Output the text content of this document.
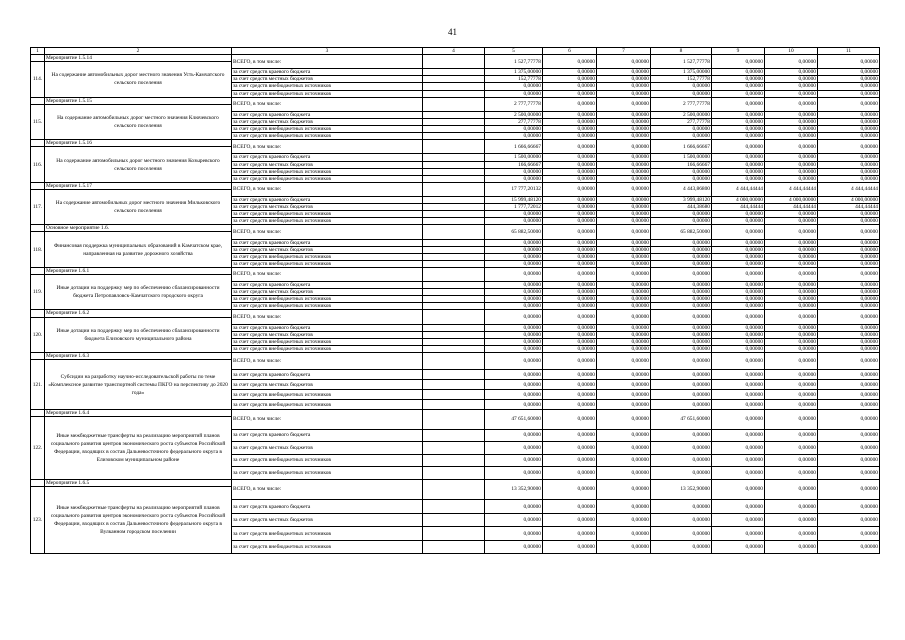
41
1	2	3	4	5	6	7	8	9	10	11	
	Мероприятие 1.5.14	ВСЕГО, в том числе:		1 527,77778	0,00000	0,00000	1 527,77778	0,00000	0,00000	0,00000	
114.	На содержание автомобильных дорог местного значения Усть-Камчатского сельского поселения									
		за счет средств краевого бюджета		1 375,00000	0,00000	0,00000	1 375,00000	0,00000	0,00000	0,00000	
		за счет средств местных бюджетов		152,77778	0,00000	0,00000	152,77778	0,00000	0,00000	0,00000	
		за счет средств внебюджетных источников		0,00000	0,00000	0,00000	0,00000	0,00000	0,00000	0,00000	
		за счет средств внебюджетных источников		0,00000	0,00000	0,00000	0,00000	0,00000	0,00000	0,00000	
	Мероприятие 1.5.15	ВСЕГО, в том числе:		2 777,77778	0,00000	0,00000	2 777,77778	0,00000	0,00000	0,00000	
115.	На содержание автомобильных дорог местного значения Ключевского сельского поселения									
		за счет средств краевого бюджета		2 500,00000	0,00000	0,00000	2 500,00000	0,00000	0,00000	0,00000	
		за счет средств местных бюджетов		277,77778	0,00000	0,00000	277,77778	0,00000	0,00000	0,00000	
		за счет средств внебюджетных источников		0,00000	0,00000	0,00000	0,00000	0,00000	0,00000	0,00000	
		за счет средств внебюджетных источников		0,00000	0,00000	0,00000	0,00000	0,00000	0,00000	0,00000	
	Мероприятие 1.5.16	ВСЕГО, в том числе:		1 666,66667	0,00000	0,00000	1 666,66667	0,00000	0,00000	0,00000	
116.	На содержание автомобильных дорог местного значения Козыревского сельского поселения									
		за счет средств краевого бюджета		1 500,00000	0,00000	0,00000	1 500,00000	0,00000	0,00000	0,00000	
		за счет средств местных бюджетов		166,66667	0,00000	0,00000	166,66667	0,00000	0,00000	0,00000	
		за счет средств внебюджетных источников		0,00000	0,00000	0,00000	0,00000	0,00000	0,00000	0,00000	
		за счет средств внебюджетных источников		0,00000	0,00000	0,00000	0,00000	0,00000	0,00000	0,00000	
	Мероприятие 1.5.17	ВСЕГО, в том числе:		17 777,20132	0,00000	0,00000	4 443,86800	4 444,44444	4 444,44444	4 444,44444	
117.	На содержание автомобильных дорог местного значения Мильковского сельского поселения									
		за счет средств краевого бюджета		15 999,48120	0,00000	0,00000	3 999,48120	4 000,00000	4 000,00000	4 000,00000	
		за счет средств местных бюджетов		1 777,72012	0,00000	0,00000	444,38680	444,44444	444,44444	444,44444	
		за счет средств внебюджетных источников		0,00000	0,00000	0,00000	0,00000	0,00000	0,00000	0,00000	
		за счет средств внебюджетных источников		0,00000	0,00000	0,00000	0,00000	0,00000	0,00000	0,00000	
	Основное мероприятие 1.6.	ВСЕГО, в том числе:		65 882,50000	0,00000	0,00000	65 882,50000	0,00000	0,00000	0,00000	
118.	Финансовая поддержка муниципальных образований в Камчатском крае, направленная на развитие дорожного хозяйства									
		за счет средств краевого бюджета		0,00000	0,00000	0,00000	0,00000	0,00000	0,00000	0,00000	
		за счет средств местных бюджетов		0,00000	0,00000	0,00000	0,00000	0,00000	0,00000	0,00000	
		за счет средств внебюджетных источников		0,00000	0,00000	0,00000	0,00000	0,00000	0,00000	0,00000	
		за счет средств внебюджетных источников		0,00000	0,00000	0,00000	0,00000	0,00000	0,00000	0,00000	
	Мероприятие 1.6.1	ВСЕГО, в том числе:		0,00000	0,00000	0,00000	0,00000	0,00000	0,00000	0,00000	
119.	Иные дотации на поддержку мер по обеспечению сбалансированности бюджета Петропавловск-Камчатского городского округа									
		за счет средств краевого бюджета		0,00000	0,00000	0,00000	0,00000	0,00000	0,00000	0,00000	
		за счет средств местных бюджетов		0,00000	0,00000	0,00000	0,00000	0,00000	0,00000	0,00000	
		за счет средств внебюджетных источников		0,00000	0,00000	0,00000	0,00000	0,00000	0,00000	0,00000	
		за счет средств внебюджетных источников		0,00000	0,00000	0,00000	0,00000	0,00000	0,00000	0,00000	
	Мероприятие 1.6.2	ВСЕГО, в том числе:		0,00000	0,00000	0,00000	0,00000	0,00000	0,00000	0,00000	
120.	Иные дотации на поддержку мер по обеспечению сбалансированности бюджета Елизовского муниципального района									
		за счет средств краевого бюджета		0,00000	0,00000	0,00000	0,00000	0,00000	0,00000	0,00000	
		за счет средств местных бюджетов		0,00000	0,00000	0,00000	0,00000	0,00000	0,00000	0,00000	
		за счет средств внебюджетных источников		0,00000	0,00000	0,00000	0,00000	0,00000	0,00000	0,00000	
		за счет средств внебюджетных источников		0,00000	0,00000	0,00000	0,00000	0,00000	0,00000	0,00000	
	Мероприятие 1.6.3	ВСЕГО, в том числе:		0,00000	0,00000	0,00000	0,00000	0,00000	0,00000	0,00000	
121.	Субсидии на разработку научно-исследовательской работы по теме «Комплексное развитие транспортной системы ПКГО на перспективу до 2020 года»									
		за счет средств краевого бюджета		0,00000	0,00000	0,00000	0,00000	0,00000	0,00000	0,00000	
		за счет средств местных бюджетов		0,00000	0,00000	0,00000	0,00000	0,00000	0,00000	0,00000	
		за счет средств внебюджетных источников		0,00000	0,00000	0,00000	0,00000	0,00000	0,00000	0,00000	
		за счет средств внебюджетных источников		0,00000	0,00000	0,00000	0,00000	0,00000	0,00000	0,00000	
	Мероприятие 1.6.4	ВСЕГО, в том числе:		47 651,60000	0,00000	0,00000	47 651,60000	0,00000	0,00000	0,00000	
122.	Иные межбюджетные трансферты на реализацию мероприятий планов социального развития центров экономического роста субъектов Российской Федерации, входящих в состав Дальневосточного федерального округа в Елизовском муниципальном районе									
		за счет средств краевого бюджета		0,00000	0,00000	0,00000	0,00000	0,00000	0,00000	0,00000	
		за счет средств местных бюджетов		0,00000	0,00000	0,00000	0,00000	0,00000	0,00000	0,00000	
		за счет средств внебюджетных источников		0,00000	0,00000	0,00000	0,00000	0,00000	0,00000	0,00000	
		за счет средств внебюджетных источников		0,00000	0,00000	0,00000	0,00000	0,00000	0,00000	0,00000	
	Мероприятие 1.6.5	ВСЕГО, в том числе:		13 352,90000	0,00000	0,00000	13 352,90000	0,00000	0,00000	0,00000	
123.	Иные межбюджетные трансферты на реализацию мероприятий планов социального развития центров экономического роста субъектов Российской Федерации, входящих в состав Дальневосточного федерального округа в Вулканном городском поселении									
		за счет средств краевого бюджета		0,00000	0,00000	0,00000	0,00000	0,00000	0,00000	0,00000	
		за счет средств местных бюджетов		0,00000	0,00000	0,00000	0,00000	0,00000	0,00000	0,00000	
		за счет средств внебюджетных источников		0,00000	0,00000	0,00000	0,00000	0,00000	0,00000	0,00000	
		за счет средств внебюджетных источников		0,00000	0,00000	0,00000	0,00000	0,00000	0,00000	0,00000	
